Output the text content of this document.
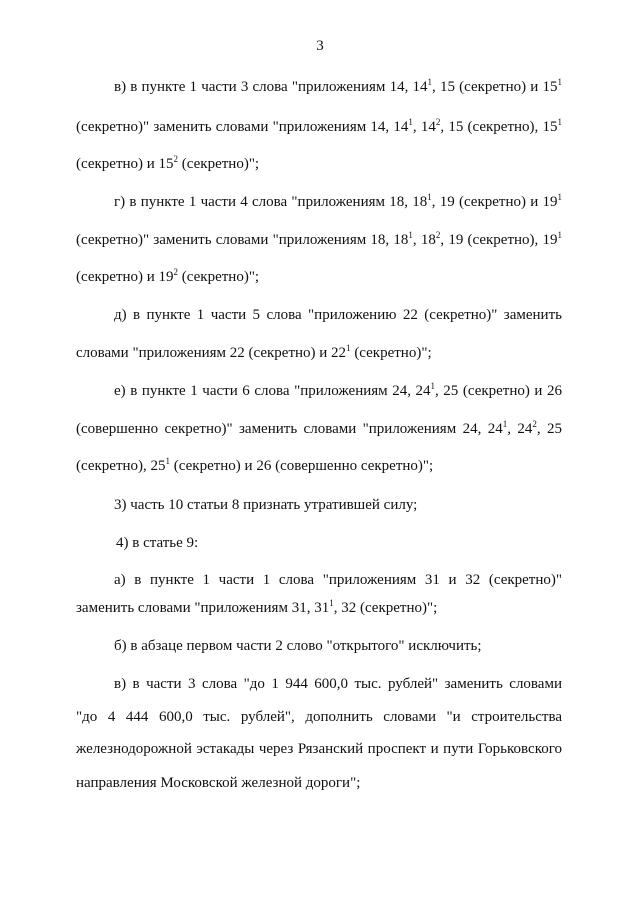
3
в) в пункте 1 части 3 слова "приложениям 14, $14^1$, 15 (секретно) и $15^1$
(секретно)" заменить словами "приложениям 14, $14^1$, $14^2$, 15 (секретно), $15^1$
(секретно) и $15^2$ (секретно)";
г) в пункте 1 части 4 слова "приложениям 18, $18^1$, 19 (секретно) и $19^1$
(секретно)" заменить словами "приложениям 18, $18^1$, $18^2$, 19 (секретно), $19^1$
(секретно) и $19^2$ (секретно)";
д) в пункте 1 части 5 слова "приложению 22 (секретно)" заменить
словами "приложениям 22 (секретно) и $22^1$ (секретно)";
е) в пункте 1 части 6 слова "приложениям 24, $24^1$, 25 (секретно) и 26
(совершенно секретно)" заменить словами "приложениям 24, $24^1$, $24^2$, 25
(секретно), $25^1$ (секретно) и 26 (совершенно секретно)";
3) часть 10 статьи 8 признать утратившей силу;
4) в статье 9:
а) в пункте 1 части 1 слова "приложениям 31 и 32 (секретно)"
заменить словами "приложениям 31, $31^1$, 32 (секретно)";
б) в абзаце первом части 2 слово "открытого" исключить;
в) в части 3 слова "до 1 944 600,0 тыс. рублей" заменить словами
"до 4 444 600,0 тыс. рублей", дополнить словами "и строительства
железнодорожной эстакады через Рязанский проспект и пути Горьковского
направления Московской железной дороги";
